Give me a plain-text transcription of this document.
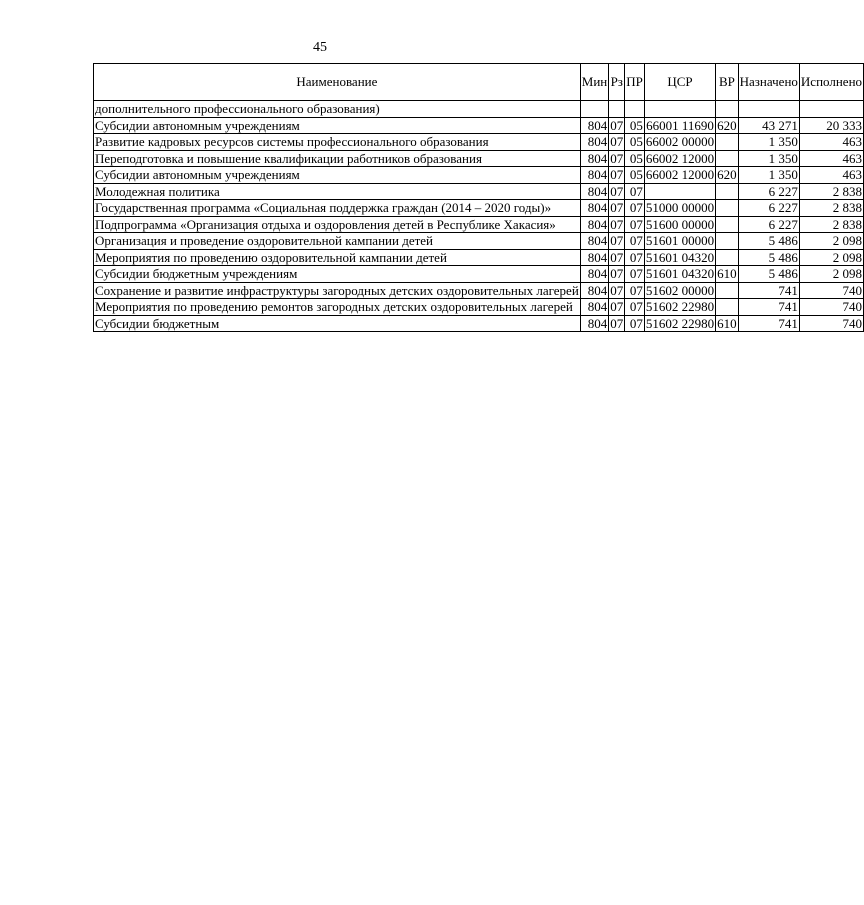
45
Наименование	Мин	Рз	ПР	ЦСР	ВР	Назначено	Исполнено
дополнительного профессионального образования)							
Субсидии автономным учреждениям	804	07	05	66001 11690	620	43 271	20 333
Развитие кадровых ресурсов системы профессионального образования	804	07	05	66002 00000		1 350	463
Переподготовка и повышение квалификации работников образования	804	07	05	66002 12000		1 350	463
Субсидии автономным учреждениям	804	07	05	66002 12000	620	1 350	463
Молодежная политика	804	07	07			6 227	2 838
Государственная программа «Социальная поддержка граждан (2014 – 2020 годы)»	804	07	07	51000 00000		6 227	2 838
Подпрограмма «Организация отдыха и оздоровления детей в Республике Хакасия»	804	07	07	51600 00000		6 227	2 838
Организация и проведение оздоровительной кампании детей	804	07	07	51601 00000		5 486	2 098
Мероприятия по проведению оздоровительной кампании детей	804	07	07	51601 04320		5 486	2 098
Субсидии бюджетным учреждениям	804	07	07	51601 04320	610	5 486	2 098
Сохранение и развитие инфраструктуры загородных детских оздоровительных лагерей	804	07	07	51602 00000		741	740
Мероприятия по проведению ремонтов загородных детских оздоровительных лагерей	804	07	07	51602 22980		741	740
Субсидии бюджетным	804	07	07	51602 22980	610	741	740
